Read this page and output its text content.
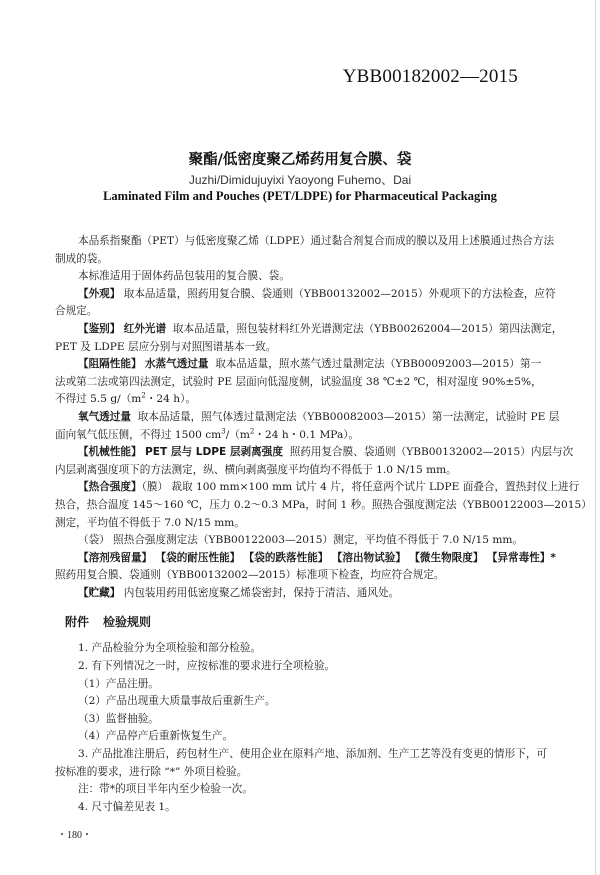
YBB00182002—2015
聚酯/低密度聚乙烯药用复合膜、袋
Juzhi/Dimidujuyixi Yaoyong Fuhemo、Dai
Laminated Film and Pouches (PET/LDPE) for Pharmaceutical Packaging
本品系指聚酯（PET）与低密度聚乙烯（LDPE）通过黏合剂复合而成的膜以及用上述膜通过热合方法
制成的袋。
本标准适用于固体药品包装用的复合膜、袋。
【外观】 取本品适量，照药用复合膜、袋通则（YBB00132002—2015）外观项下的方法检查，应符
合规定。
【鉴别】 红外光谱 取本品适量，照包装材料红外光谱测定法（YBB00262004—2015）第四法测定，
PET 及 LDPE 层应分别与对照图谱基本一致。
【阻隔性能】 水蒸气透过量 取本品适量，照水蒸气透过量测定法（YBB00092003—2015）第一
法或第二法或第四法测定，试验时 PE 层面向低湿度侧，试验温度 38 ℃±2 ℃，相对湿度 90%±5%，
不得过 5.5 $g/(m^2$・24 h）。
氧气透过量 取本品适量，照气体透过量测定法（YBB00082003—2015）第一法测定，试验时 PE 层
面向氧气低压侧，不得过 1500 $cm^3/(m^2$・24 h・0.1 MPa）。
【机械性能】 PET 层与 LDPE 层剥离强度 照药用复合膜、袋通则（YBB00132002—2015）内层与次
内层剥离强度项下的方法测定，纵、横向剥离强度平均值均不得低于 1.0 N/15 mm。
【热合强度】（膜） 裁取 100 mm×100 mm 试片 4 片，将任意两个试片 LDPE 面叠合，置热封仪上进行
热合，热合温度 145～160 ℃，压力 0.2～0.3 MPa，时间 1 秒。照热合强度测定法（YBB00122003—2015）
测定，平均值不得低于 7.0 N/15 mm。
（袋） 照热合强度测定法（YBB00122003—2015）测定，平均值不得低于 7.0 N/15 mm。
【溶剂残留量】 【袋的耐压性能】 【袋的跌落性能】 【溶出物试验】 【微生物限度】 【异常毒性】*
照药用复合膜、袋通则（YBB00132002—2015）标准项下检查，均应符合规定。
【贮藏】 内包装用药用低密度聚乙烯袋密封，保持于清洁、通风处。
附件 检验规则
1. 产品检验分为全项检验和部分检验。
2. 有下列情况之一时，应按标准的要求进行全项检验。
（1）产品注册。
（2）产品出现重大质量事故后重新生产。
（3）监督抽验。
（4）产品停产后重新恢复生产。
3. 产品批准注册后，药包材生产、使用企业在原料产地、添加剂、生产工艺等没有变更的情形下，可
按标准的要求，进行除 “*” 外项目检验。
注：带*的项目半年内至少检验一次。
4. 尺寸偏差见表 1。
・180・
